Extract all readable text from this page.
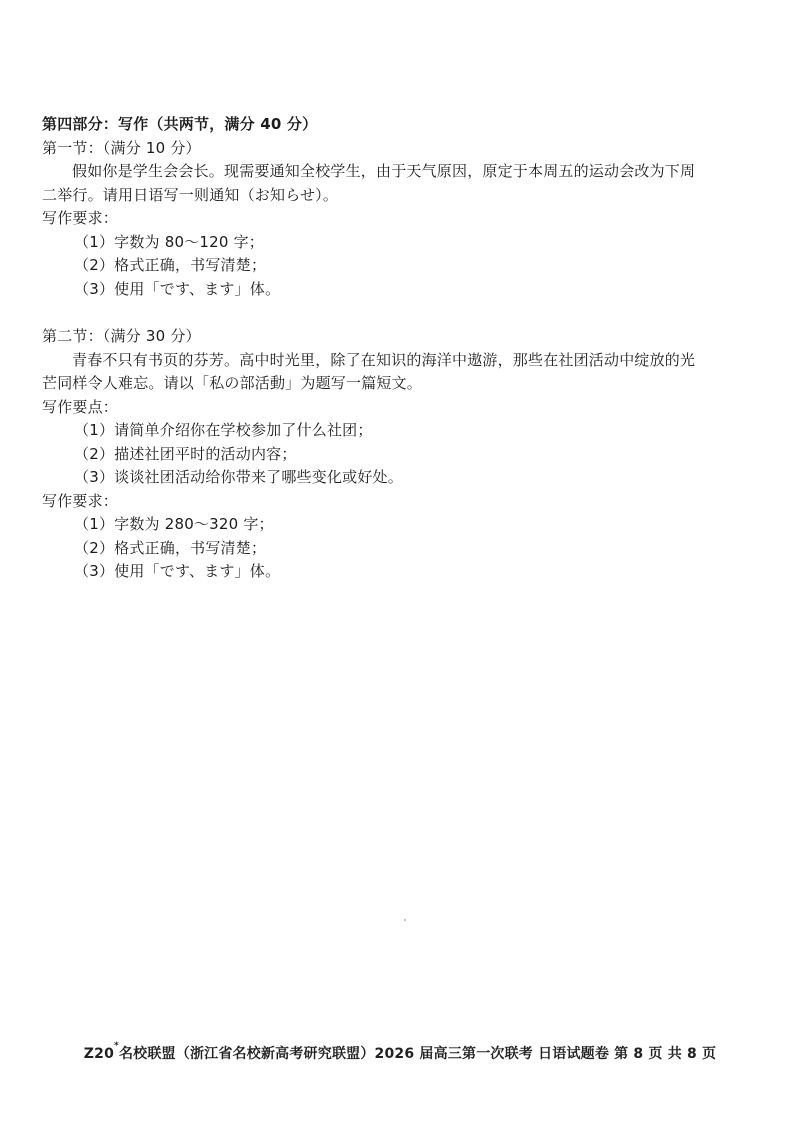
第四部分：写作（共两节，满分 40 分）
第一节：（满分 10 分）
假如你是学生会会长。现需要通知全校学生，由于天气原因，原定于本周五的运动会改为下周
二举行。请用日语写一则通知（お知らせ）。
写作要求：
（1）字数为 80～120 字；
（2）格式正确，书写清楚；
（3）使用「です、ます」体。
第二节：（满分 30 分）
青春不只有书页的芬芳。高中时光里，除了在知识的海洋中遨游，那些在社团活动中绽放的光
芒同样令人难忘。请以「私の部活動」为题写一篇短文。
写作要点：
（1）请简单介绍你在学校参加了什么社团；
（2）描述社团平时的活动内容；
（3）谈谈社团活动给你带来了哪些变化或好处。
写作要求：
（1）字数为 280～320 字；
（2）格式正确，书写清楚；
（3）使用「です、ます」体。
Z20*名校联盟（浙江省名校新高考研究联盟）2026 届高三第一次联考 日语试题卷 第 8 页 共 8 页
